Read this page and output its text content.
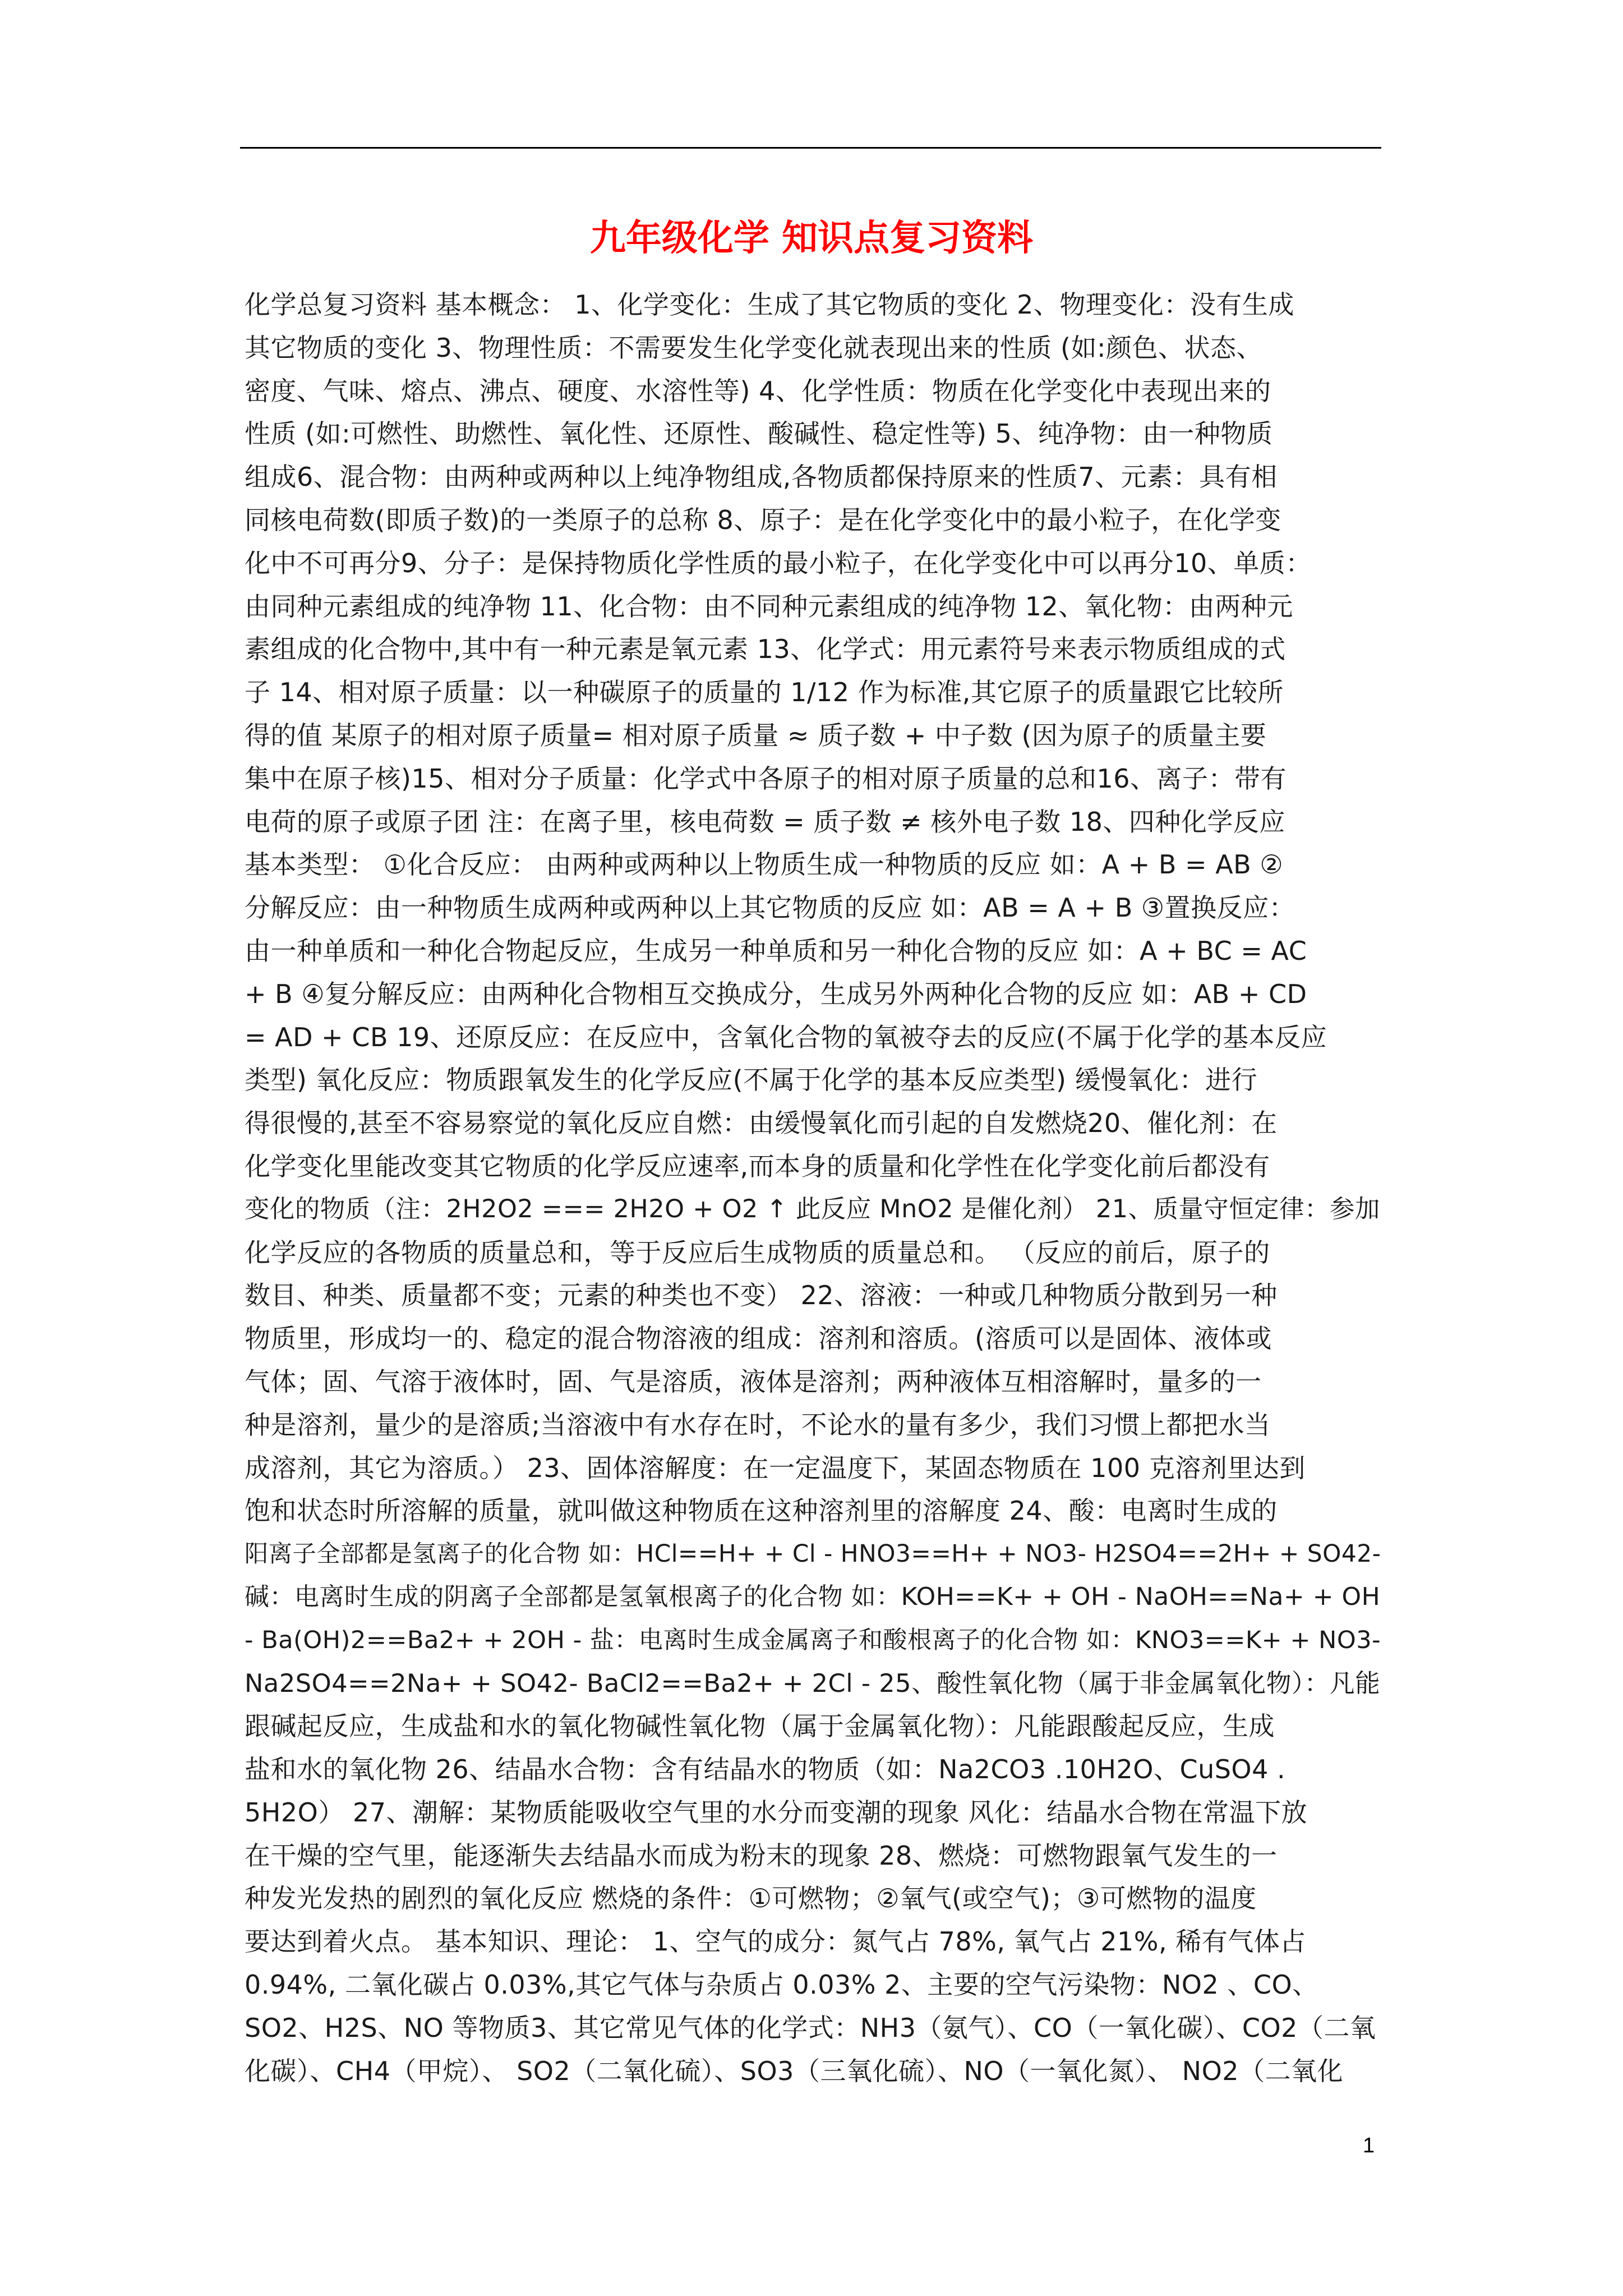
九年级化学 知识点复习资料
化学总复习资料 基本概念： 1、化学变化：生成了其它物质的变化 2、物理变化：没有生成
其它物质的变化 3、物理性质：不需要发生化学变化就表现出来的性质 (如:颜色、状态、
密度、气味、熔点、沸点、硬度、水溶性等) 4、化学性质：物质在化学变化中表现出来的
性质 (如:可燃性、助燃性、氧化性、还原性、酸碱性、稳定性等) 5、纯净物：由一种物质
组成6、混合物：由两种或两种以上纯净物组成,各物质都保持原来的性质7、元素：具有相
同核电荷数(即质子数)的一类原子的总称 8、原子：是在化学变化中的最小粒子，在化学变
化中不可再分9、分子：是保持物质化学性质的最小粒子，在化学变化中可以再分10、单质：
由同种元素组成的纯净物 11、化合物：由不同种元素组成的纯净物 12、氧化物：由两种元
素组成的化合物中,其中有一种元素是氧元素 13、化学式：用元素符号来表示物质组成的式
子 14、相对原子质量：以一种碳原子的质量的 1/12 作为标准,其它原子的质量跟它比较所
得的值 某原子的相对原子质量= 相对原子质量 ≈ 质子数 + 中子数 (因为原子的质量主要
集中在原子核)15、相对分子质量：化学式中各原子的相对原子质量的总和16、离子：带有
电荷的原子或原子团 注：在离子里，核电荷数 = 质子数 ≠ 核外电子数 18、四种化学反应
基本类型： ①化合反应： 由两种或两种以上物质生成一种物质的反应 如：A + B = AB ②
分解反应：由一种物质生成两种或两种以上其它物质的反应 如：AB = A + B ③置换反应：
由一种单质和一种化合物起反应，生成另一种单质和另一种化合物的反应 如：A + BC = AC
+ B ④复分解反应：由两种化合物相互交换成分，生成另外两种化合物的反应 如：AB + CD
= AD + CB 19、还原反应：在反应中，含氧化合物的氧被夺去的反应(不属于化学的基本反应
类型) 氧化反应：物质跟氧发生的化学反应(不属于化学的基本反应类型) 缓慢氧化：进行
得很慢的,甚至不容易察觉的氧化反应自燃：由缓慢氧化而引起的自发燃烧20、催化剂：在
化学变化里能改变其它物质的化学反应速率,而本身的质量和化学性在化学变化前后都没有
变化的物质（注：2H2O2 === 2H2O + O2 ↑ 此反应 MnO2 是催化剂） 21、质量守恒定律：参加
化学反应的各物质的质量总和，等于反应后生成物质的质量总和。 （反应的前后，原子的
数目、种类、质量都不变；元素的种类也不变） 22、溶液：一种或几种物质分散到另一种
物质里，形成均一的、稳定的混合物溶液的组成：溶剂和溶质。(溶质可以是固体、液体或
气体；固、气溶于液体时，固、气是溶质，液体是溶剂；两种液体互相溶解时，量多的一
种是溶剂，量少的是溶质;当溶液中有水存在时，不论水的量有多少，我们习惯上都把水当
成溶剂，其它为溶质。） 23、固体溶解度：在一定温度下，某固态物质在 100 克溶剂里达到
饱和状态时所溶解的质量，就叫做这种物质在这种溶剂里的溶解度 24、酸：电离时生成的
阳离子全部都是氢离子的化合物 如：HCl==H+ + Cl - HNO3==H+ + NO3- H2SO4==2H+ + SO42-
碱：电离时生成的阴离子全部都是氢氧根离子的化合物 如：KOH==K+ + OH - NaOH==Na+ + OH
- Ba(OH)2==Ba2+ + 2OH - 盐：电离时生成金属离子和酸根离子的化合物 如：KNO3==K+ + NO3-
Na2SO4==2Na+ + SO42- BaCl2==Ba2+ + 2Cl - 25、酸性氧化物（属于非金属氧化物）：凡能
跟碱起反应，生成盐和水的氧化物碱性氧化物（属于金属氧化物）：凡能跟酸起反应，生成
盐和水的氧化物 26、结晶水合物：含有结晶水的物质（如：Na2CO3 .10H2O、CuSO4 .
5H2O） 27、潮解：某物质能吸收空气里的水分而变潮的现象 风化：结晶水合物在常温下放
在干燥的空气里，能逐渐失去结晶水而成为粉末的现象 28、燃烧：可燃物跟氧气发生的一
种发光发热的剧烈的氧化反应 燃烧的条件：①可燃物；②氧气(或空气)；③可燃物的温度
要达到着火点。 基本知识、理论： 1、空气的成分：氮气占 78%, 氧气占 21%, 稀有气体占
0.94%, 二氧化碳占 0.03%,其它气体与杂质占 0.03% 2、主要的空气污染物：NO2 、CO、
SO2、H2S、NO 等物质3、其它常见气体的化学式：NH3（氨气）、CO（一氧化碳）、CO2（二氧
化碳）、CH4（甲烷）、 SO2（二氧化硫）、SO3（三氧化硫）、NO（一氧化氮）、 NO2（二氧化
1
